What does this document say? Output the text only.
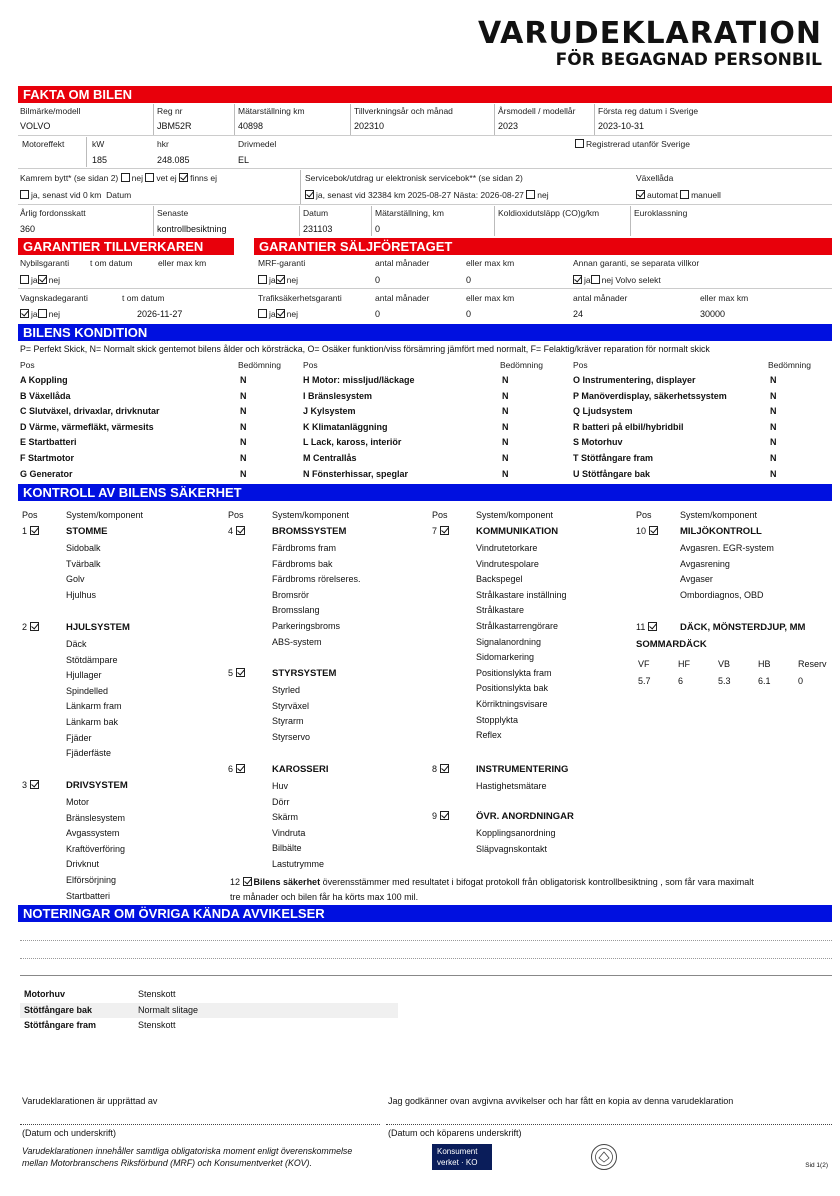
VARUDEKLARATION
FÖR BEGAGNAD PERSONBIL
FAKTA OM BILEN
Bilmärke/modell
VOLVO
Reg nr
JBM52R
Mätarställning km
40898
Tillverkningsår och månad
202310
Årsmodell / modellår
2023
Första reg datum i Sverige
2023-10-31
Motoreffekt	kW
185
hkr
248.085
Drivmedel
EL
Registrerad utanför Sverige
Kamrem bytt* (se sidan 2) nej vet ej finns ej
ja, senast vid 0 km Datum
Servicebok/utdrag ur elektronisk servicebok** (se sidan 2)
ja, senast vid 32384 km 2025-08-27 Nästa: 2026-08-27 nej
Växellåda
automat manuell
Årlig fordonsskatt
360
Senaste
kontrollbesiktning
Datum
231103
Mätarställning, km
0
Koldioxidutsläpp (CO)g/km	Euroklassning
GARANTIER TILLVERKAREN	GARANTIER SÄLJFÖRETAGET
Nybilsgaranti t om datum	eller max km
ja nej
MRF-garanti	antal månader	eller max km
ja nej	0	0
Annan garanti, se separata villkor
ja nej Volvo selekt
Vagnskadegaranti	t om datum
ja nej	2026-11-27
Trafiksäkerhetsgaranti	antal månader	eller max km
ja nej	0	0
antal månader	eller max km
24	30000
BILENS KONDITION
P= Perfekt Skick, N= Normalt skick gentemot bilens ålder och körsträcka, O= Osäker funktion/viss försämring jämfört med normalt, F= Felaktig/kräver reparation för normalt skick
Pos	Bedömning
A Koppling	N
B Växellåda	N
C Slutväxel, drivaxlar, drivknutar	N
D Värme, värmefläkt, värmesits	N
E Startbatteri	N
F Startmotor	N
G Generator	N
Pos	Bedömning
H Motor: missljud/läckage	N
I Bränslesystem	N
J Kylsystem	N
K Klimatanläggning	N
L Lack, kaross, interiör	N
M Centrallås	N
N Fönsterhissar, speglar	N
Pos	Bedömning
O Instrumentering, displayer	N
P Manöverdisplay, säkerhetssystem	N
Q Ljudsystem	N
R batteri på elbil/hybridbil	N
S Motorhuv	N
T Stötfångare fram	N
U Stötfångare bak	N
KONTROLL AV BILENS SÄKERHET
Pos	System/komponent	Pos	System/komponent	Pos	System/komponent	Pos	System/komponent
1	STOMME
Sidobalk
Tvärbalk
Golv
Hjulhus
2	HJULSYSTEM
Däck
Stötdämpare
Hjullager
Spindelled
Länkarm fram
Länkarm bak
Fjäder
Fjäderfäste
3	DRIVSYSTEM
Motor
Bränslesystem
Avgassystem
Kraftöverföring
Drivknut
Elförsörjning
Startbatteri
4	BROMSSYSTEM
Färdbroms fram
Färdbroms bak
Färdbroms rörelseres.
Bromsrör
Bromsslang
Parkeringsbroms
ABS-system
5	STYRSYSTEM
Styrled
Styrväxel
Styrarm
Styrservo
6	KAROSSERI
Huv
Dörr
Skärm
Vindruta
Bilbälte
Lastutrymme
7	KOMMUNIKATION
Vindrutetorkare
Vindrutespolare
Backspegel
Strålkastare inställning
Strålkastare
Strålkastarrengörare
Signalanordning
Sidomarkering
Positionslykta fram
Positionslykta bak
Körriktningsvisare
Stopplykta
Reflex
8	INSTRUMENTERING
Hastighetsmätare
9	ÖVR. ANORDNINGAR
Kopplingsanordning
Släpvagnskontakt
10	MILJÖKONTROLL
Avgasren. EGR-system
Avgasrening
Avgaser
Ombordiagnos, OBD
11	DÄCK, MÖNSTERDJUP, MM
SOMMARDÄCK
VF
5.7
HF
6
VB
5.3
HB
6.1
Reserv
0
12 Bilens säkerhet överensstämmer med resultatet i bifogat protokoll från obligatorisk kontrollbesiktning , som får vara maximalt
tre månader och bilen får ha körts max 100 mil.
NOTERINGAR OM ÖVRIGA KÄNDA AVVIKELSER
Motorhuv	Stenskott
Stötfångare bak	Normalt slitage
Stötfångare fram	Stenskott
Varudeklarationen är upprättad av	Jag godkänner ovan avgivna avvikelser och har fått en kopia av denna varudeklaration
(Datum och underskrift)	(Datum och köparens underskrift)
Varudeklarationen innehåller samtliga obligatoriska moment enligt överenskommelse
mellan Motorbranschens Riksförbund (MRF) och Konsumentverket (KOV).
Konsument
verket · KO	Sid 1(2)
